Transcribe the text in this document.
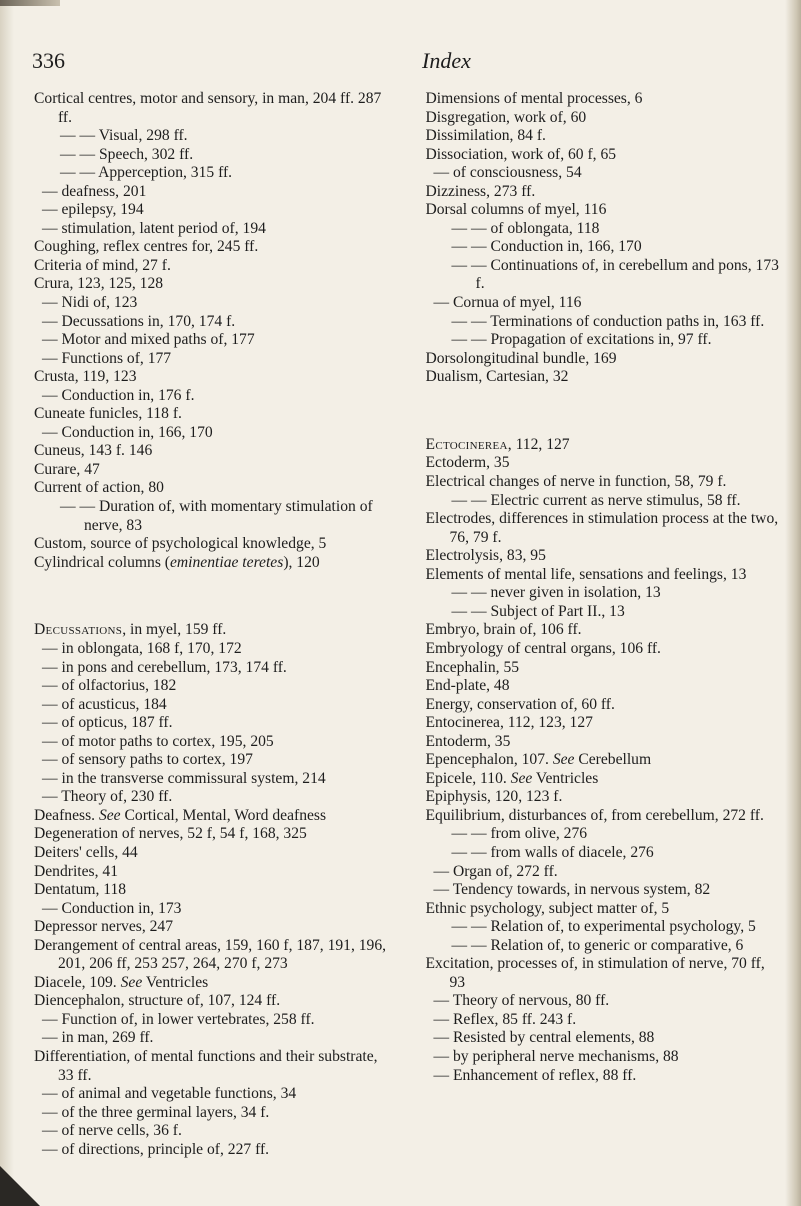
336	Index

Cortical centres, motor and sensory, in man, 204 ff. 287 ff.

— — Visual, 298 ff.

— — Speech, 302 ff.

— — Apperception, 315 ff.

— deafness, 201

— epilepsy, 194

— stimulation, latent period of, 194

Coughing, reflex centres for, 245 ff.

Criteria of mind, 27 f.

Crura, 123, 125, 128

— Nidi of, 123

— Decussations in, 170, 174 f.

— Motor and mixed paths of, 177

— Functions of, 177

Crusta, 119, 123

— Conduction in, 176 f.

Cuneate funicles, 118 f.

— Conduction in, 166, 170

Cuneus, 143 f. 146

Curare, 47

Current of action, 80

— — Duration of, with momentary stimulation of nerve, 83

Custom, source of psychological knowledge, 5

Cylindrical columns (eminentiae teretes), 120

Decussations, in myel, 159 ff.

— in oblongata, 168 f, 170, 172

— in pons and cerebellum, 173, 174 ff.

— of olfactorius, 182

— of acusticus, 184

— of opticus, 187 ff.

— of motor paths to cortex, 195, 205

— of sensory paths to cortex, 197

— in the transverse commissural system, 214

— Theory of, 230 ff.

Deafness. See Cortical, Mental, Word deafness

Degeneration of nerves, 52 f, 54 f, 168, 325

Deiters' cells, 44

Dendrites, 41

Dentatum, 118

— Conduction in, 173

Depressor nerves, 247

Derangement of central areas, 159, 160 f, 187, 191, 196, 201, 206 ff, 253 257, 264, 270 f, 273

Diacele, 109. See Ventricles

Diencephalon, structure of, 107, 124 ff.

— Function of, in lower vertebrates, 258 ff.

— in man, 269 ff.

Differentiation, of mental functions and their substrate, 33 ff.

— of animal and vegetable functions, 34

— of the three germinal layers, 34 f.

— of nerve cells, 36 f.

— of directions, principle of, 227 ff.

Dimensions of mental processes, 6

Disgregation, work of, 60

Dissimilation, 84 f.

Dissociation, work of, 60 f, 65

— of consciousness, 54

Dizziness, 273 ff.

Dorsal columns of myel, 116

— — of oblongata, 118

— — Conduction in, 166, 170

— — Continuations of, in cerebellum and pons, 173 f.

— Cornua of myel, 116

— — Terminations of conduction paths in, 163 ff.

— — Propagation of excitations in, 97 ff.

Dorsolongitudinal bundle, 169

Dualism, Cartesian, 32

Ectocinerea, 112, 127

Ectoderm, 35

Electrical changes of nerve in function, 58, 79 f.

— — Electric current as nerve stimulus, 58 ff.

Electrodes, differences in stimulation process at the two, 76, 79 f.

Electrolysis, 83, 95

Elements of mental life, sensations and feelings, 13

— — never given in isolation, 13

— — Subject of Part II., 13

Embryo, brain of, 106 ff.

Embryology of central organs, 106 ff.

Encephalin, 55

End-plate, 48

Energy, conservation of, 60 ff.

Entocinerea, 112, 123, 127

Entoderm, 35

Epencephalon, 107. See Cerebellum

Epicele, 110. See Ventricles

Epiphysis, 120, 123 f.

Equilibrium, disturbances of, from cerebellum, 272 ff.

— — from olive, 276

— — from walls of diacele, 276

— Organ of, 272 ff.

— Tendency towards, in nervous system, 82

Ethnic psychology, subject matter of, 5

— — Relation of, to experimental psychology, 5

— — Relation of, to generic or comparative, 6

Excitation, processes of, in stimulation of nerve, 70 ff, 93

— Theory of nervous, 80 ff.

— Reflex, 85 ff. 243 f.

— Resisted by central elements, 88

— by peripheral nerve mechanisms, 88

— Enhancement of reflex, 88 ff.
